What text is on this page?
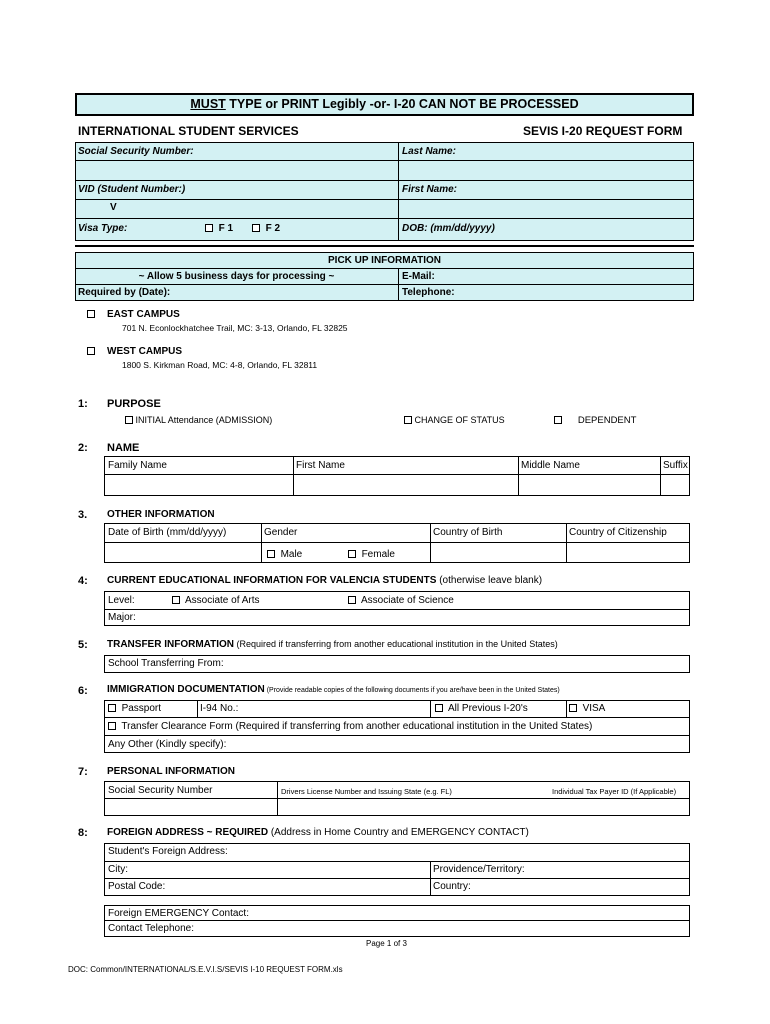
MUST TYPE or PRINT Legibly -or- I-20 CAN NOT BE PROCESSED
INTERNATIONAL STUDENT SERVICES	SEVIS I-20 REQUEST FORM
Social Security Number:	Last Name:
VID (Student Number:)	First Name:
V
Visa Type:	F 1	F 2	DOB: (mm/dd/yyyy)
PICK UP INFORMATION
~ Allow 5 business days for processing ~	E-Mail:
Required by (Date):	Telephone:
EAST CAMPUS
701 N. Econlockhatchee Trail, MC: 3-13, Orlando, FL 32825
WEST CAMPUS
1800 S. Kirkman Road, MC: 4-8, Orlando, FL 32811
1: PURPOSE
INITIAL Attendance (ADMISSION)	CHANGE OF STATUS	DEPENDENT
2: NAME
Family Name	First Name	Middle Name	Suffix
3. OTHER INFORMATION
Date of Birth (mm/dd/yyyy)	Gender	Country of Birth	Country of Citizenship
Male	Female
4: CURRENT EDUCATIONAL INFORMATION FOR VALENCIA STUDENTS (otherwise leave blank)
Level:	Associate of Arts	Associate of Science
Major:
5: TRANSFER INFORMATION (Required if transferring from another educational institution in the United States)
School Transferring From:
6: IMMIGRATION DOCUMENTATION (Provide readable copies of the following documents if you are/have been in the United States)
Passport	I-94 No.:	All Previous I-20's	VISA
Transfer Clearance Form (Required if transferring from another educational institution in the United States)
Any Other (Kindly specify):
7: PERSONAL INFORMATION
Social Security Number	Drivers License Number and Issuing State (e.g. FL)	Individual Tax Payer ID (If Applicable)
8: FOREIGN ADDRESS ~ REQUIRED (Address in Home Country and EMERGENCY CONTACT)
Student's Foreign Address:
City:	Providence/Territory:
Postal Code:	Country:
Foreign EMERGENCY Contact:
Contact Telephone:
Page 1 of 3
DOC: Common/INTERNATIONAL/S.E.V.I.S/SEVIS I-10 REQUEST FORM.xls
